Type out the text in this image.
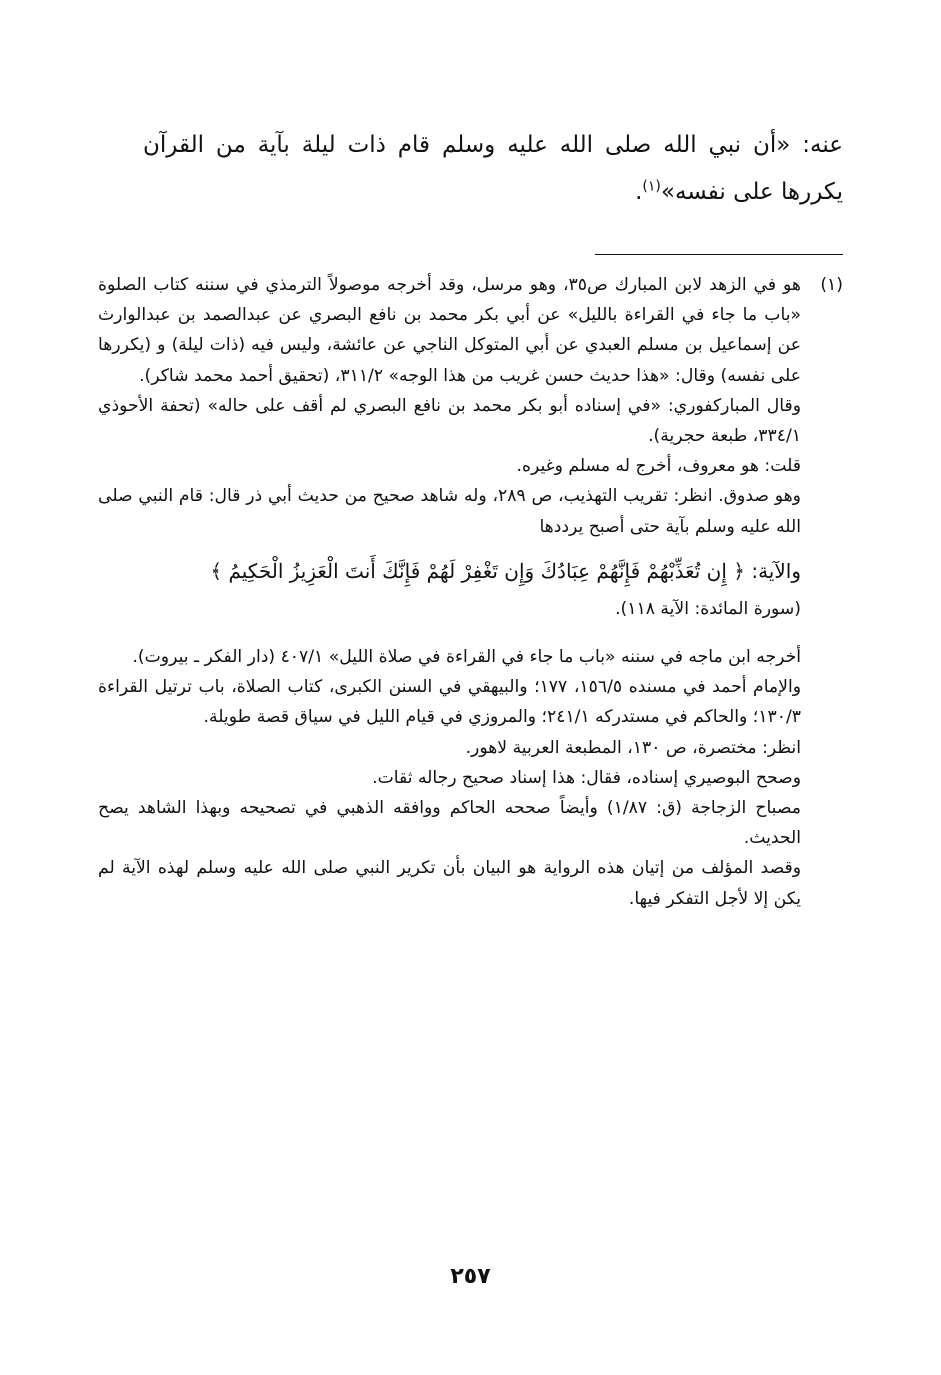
عنه: «أن نبي الله صلى الله عليه وسلم قام ذات ليلة بآية من القرآن يكررها على نفسه»$^{(١)}$.
(١)

هو في الزهد لابن المبارك ص٣٥، وهو مرسل، وقد أخرجه موصولاً الترمذي في سننه كتاب الصلوة «باب ما جاء في القراءة بالليل» عن أبي بكر محمد بن نافع البصري عن عبدالصمد بن عبدالوارث عن إسماعيل بن مسلم العبدي عن أبي المتوكل الناجي عن عائشة، وليس فيه (ذات ليلة) و (يكررها على نفسه) وقال: «هذا حديث حسن غريب من هذا الوجه» ٣١١/٢، (تحقيق أحمد محمد شاكر).

وقال المباركفوري: «في إسناده أبو بكر محمد بن نافع البصري لم أقف على حاله» (تحفة الأحوذي ٣٣٤/١، طبعة حجرية).

قلت: هو معروف، أخرج له مسلم وغيره.

وهو صدوق. انظر: تقريب التهذيب، ص ٢٨٩، وله شاهد صحيح من حديث أبي ذر قال: قام النبي صلى الله عليه وسلم بآية حتى أصبح يرددها

والآية: ﴿ إِن تُعَذِّبْهُمْ فَإِنَّهُمْ عِبَادُكَ وَإِن تَغْفِرْ لَهُمْ فَإِنَّكَ أَنتَ الْعَزِيزُ الْحَكِيمُ ﴾

(سورة المائدة: الآية ١١٨).

أخرجه ابن ماجه في سننه «باب ما جاء في القراءة في صلاة الليل» ٤٠٧/١ (دار الفكر ـ بيروت).

والإمام أحمد في مسنده ١٥٦/٥، ١٧٧؛ والبيهقي في السنن الكبرى، كتاب الصلاة، باب ترتيل القراءة ١٣٠/٣؛ والحاكم في مستدركه ٢٤١/١؛ والمروزي في قيام الليل في سياق قصة طويلة.

انظر: مختصرة، ص ١٣٠، المطبعة العربية لاهور.

وصحح البوصيري إسناده، فقال: هذا إسناد صحيح رجاله ثقات.

مصباح الزجاجة (ق: ١/٨٧) وأيضاً صححه الحاكم ووافقه الذهبي في تصحيحه وبهذا الشاهد يصح الحديث.

وقصد المؤلف من إتيان هذه الرواية هو البيان بأن تكرير النبي صلى الله عليه وسلم لهذه الآية لم يكن إلا لأجل التفكر فيها.

٢٥٧
